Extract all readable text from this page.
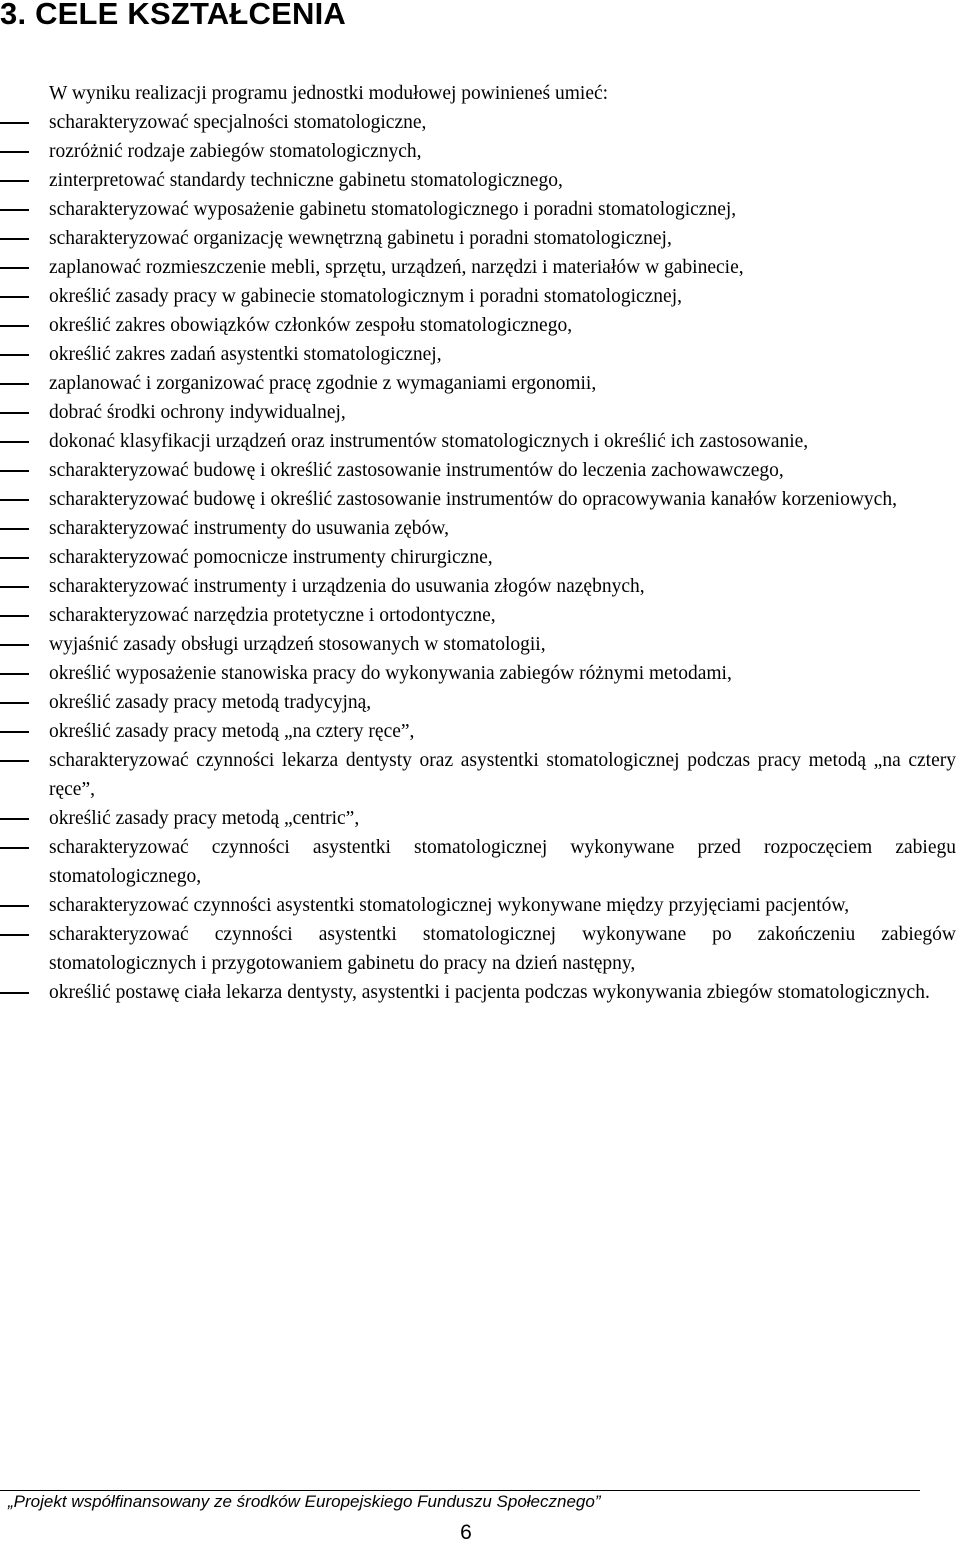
3. CELE KSZTAŁCENIA

W wyniku realizacji programu jednostki modułowej powinieneś umieć:

scharakteryzować specjalności stomatologiczne,
rozróżnić rodzaje zabiegów stomatologicznych,
zinterpretować standardy techniczne gabinetu stomatologicznego,
scharakteryzować wyposażenie gabinetu stomatologicznego i poradni stomatologicznej,
scharakteryzować organizację wewnętrzną gabinetu i poradni stomatologicznej,
zaplanować rozmieszczenie mebli, sprzętu, urządzeń, narzędzi i materiałów w gabinecie,
określić zasady pracy w gabinecie stomatologicznym i poradni stomatologicznej,
określić zakres obowiązków członków zespołu stomatologicznego,
określić zakres zadań asystentki stomatologicznej,
zaplanować i zorganizować pracę zgodnie z wymaganiami ergonomii,
dobrać środki ochrony indywidualnej,
dokonać klasyfikacji urządzeń oraz instrumentów stomatologicznych i określić ich zastosowanie,
scharakteryzować budowę i określić zastosowanie instrumentów do leczenia zachowawczego,
scharakteryzować budowę i określić zastosowanie instrumentów do opracowywania kanałów korzeniowych,
scharakteryzować instrumenty do usuwania zębów,
scharakteryzować pomocnicze instrumenty chirurgiczne,
scharakteryzować instrumenty i urządzenia do usuwania złogów nazębnych,
scharakteryzować narzędzia protetyczne i ortodontyczne,
wyjaśnić zasady obsługi urządzeń stosowanych w stomatologii,
określić wyposażenie stanowiska pracy do wykonywania zabiegów różnymi metodami,
określić zasady pracy metodą tradycyjną,
określić zasady pracy metodą „na cztery ręce”,
scharakteryzować czynności lekarza dentysty oraz asystentki stomatologicznej podczas pracy metodą „na cztery ręce”,
określić zasady pracy metodą „centric”,
scharakteryzować czynności asystentki stomatologicznej wykonywane przed rozpoczęciem zabiegu stomatologicznego,
scharakteryzować czynności asystentki stomatologicznej wykonywane między przyjęciami pacjentów,
scharakteryzować czynności asystentki stomatologicznej wykonywane po zakończeniu zabiegów stomatologicznych i przygotowaniem gabinetu do pracy na dzień następny,
określić postawę ciała lekarza dentysty, asystentki i pacjenta podczas wykonywania zbiegów stomatologicznych.
„Projekt współfinansowany ze środków Europejskiego Funduszu Społecznego”
6
